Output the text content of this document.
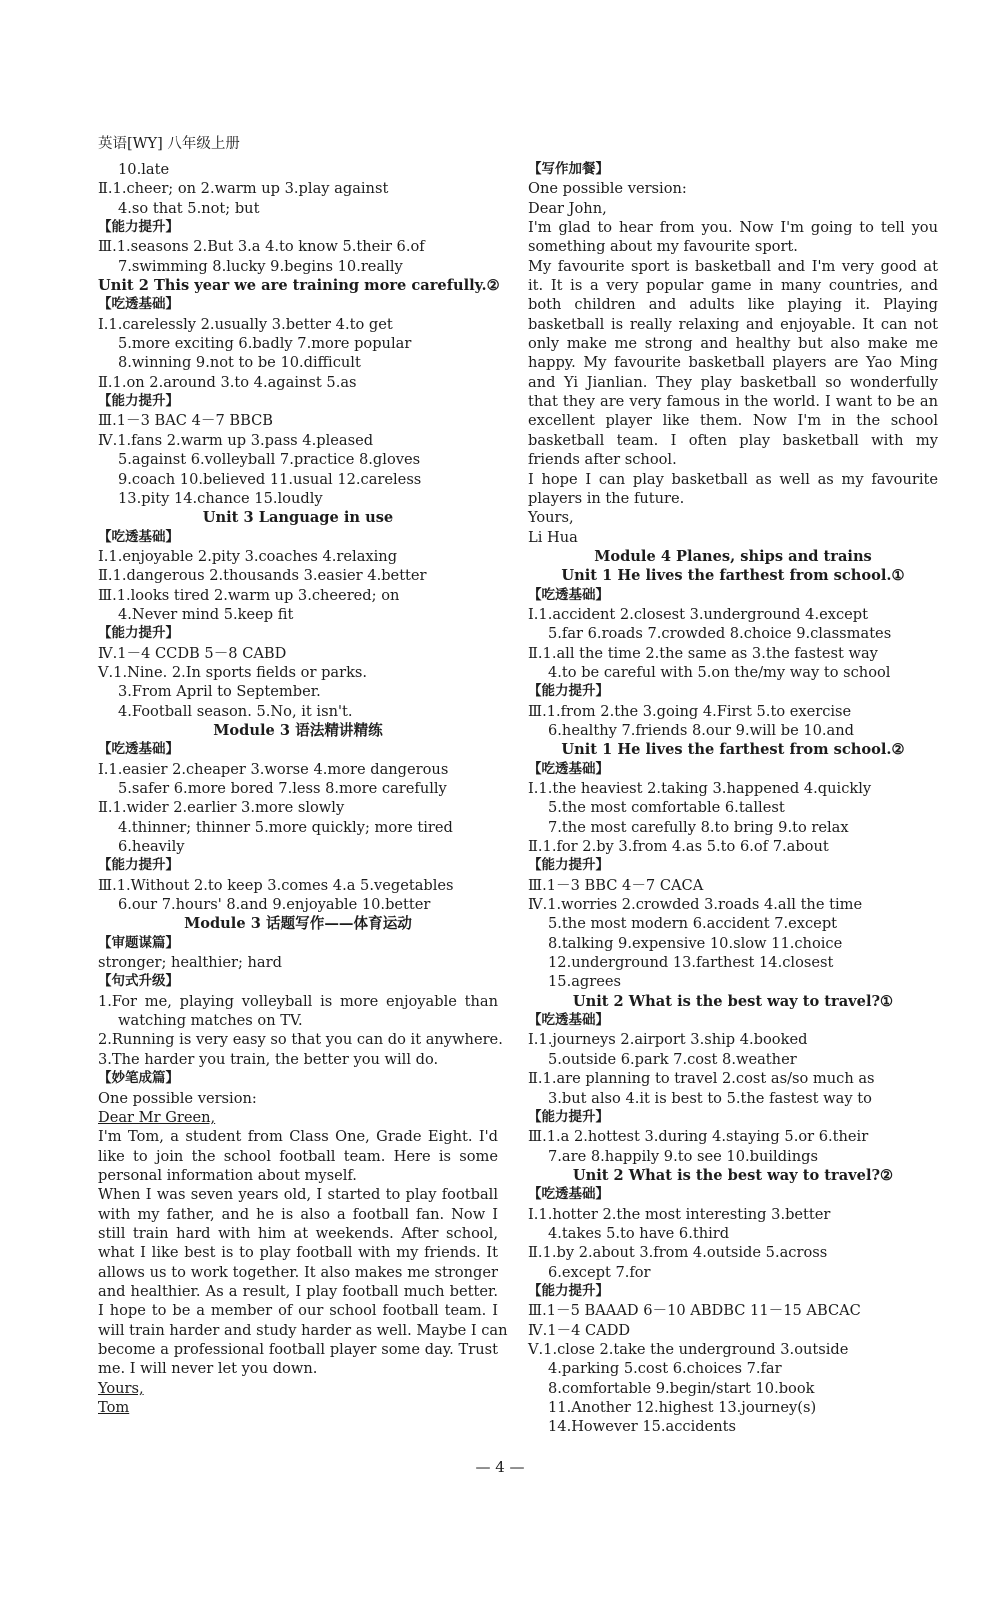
英语[WY] 八年级上册
10.late
Ⅱ.1.cheer; on 2.warm up 3.play against
4.so that 5.not; but
【能力提升】
Ⅲ.1.seasons 2.But 3.a 4.to know 5.their 6.of
7.swimming 8.lucky 9.begins 10.really
Unit 2 This year we are training more carefully.②
【吃透基础】
Ⅰ.1.carelessly 2.usually 3.better 4.to get
5.more exciting 6.badly 7.more popular
8.winning 9.not to be 10.difficult
Ⅱ.1.on 2.around 3.to 4.against 5.as
【能力提升】
Ⅲ.1－3 BAC 4－7 BBCB
Ⅳ.1.fans 2.warm up 3.pass 4.pleased
5.against 6.volleyball 7.practice 8.gloves
9.coach 10.believed 11.usual 12.careless
13.pity 14.chance 15.loudly
Unit 3 Language in use
【吃透基础】
Ⅰ.1.enjoyable 2.pity 3.coaches 4.relaxing
Ⅱ.1.dangerous 2.thousands 3.easier 4.better
Ⅲ.1.looks tired 2.warm up 3.cheered; on
4.Never mind 5.keep fit
【能力提升】
Ⅳ.1－4 CCDB 5－8 CABD
Ⅴ.1.Nine. 2.In sports fields or parks.
3.From April to September.
4.Football season. 5.No, it isn't.
Module 3 语法精讲精练
【吃透基础】
Ⅰ.1.easier 2.cheaper 3.worse 4.more dangerous
5.safer 6.more bored 7.less 8.more carefully
Ⅱ.1.wider 2.earlier 3.more slowly
4.thinner; thinner 5.more quickly; more tired
6.heavily
【能力提升】
Ⅲ.1.Without 2.to keep 3.comes 4.a 5.vegetables
6.our 7.hours' 8.and 9.enjoyable 10.better
Module 3 话题写作——体育运动
【审题谋篇】
stronger; healthier; hard
【句式升级】
1.For me, playing volleyball is more enjoyable than
watching matches on TV.
2.Running is very easy so that you can do it anywhere.
3.The harder you train, the better you will do.
【妙笔成篇】
One possible version:
Dear Mr Green,
I'm Tom, a student from Class One, Grade Eight. I'd
like to join the school football team. Here is some
personal information about myself.
When I was seven years old, I started to play football
with my father, and he is also a football fan. Now I
still train hard with him at weekends. After school,
what I like best is to play football with my friends. It
allows us to work together. It also makes me stronger
and healthier. As a result, I play football much better.
I hope to be a member of our school football team. I
will train harder and study harder as well. Maybe I can
become a professional football player some day. Trust
me. I will never let you down.
Yours,
Tom
【写作加餐】
One possible version:
Dear John,
I'm glad to hear from you. Now I'm going to tell you
something about my favourite sport.
My favourite sport is basketball and I'm very good at
it. It is a very popular game in many countries, and
both children and adults like playing it. Playing
basketball is really relaxing and enjoyable. It can not
only make me strong and healthy but also make me
happy. My favourite basketball players are Yao Ming
and Yi Jianlian. They play basketball so wonderfully
that they are very famous in the world. I want to be an
excellent player like them. Now I'm in the school
basketball team. I often play basketball with my
friends after school.
I hope I can play basketball as well as my favourite
players in the future.
Yours,
Li Hua
Module 4 Planes, ships and trains
Unit 1 He lives the farthest from school.①
【吃透基础】
Ⅰ.1.accident 2.closest 3.underground 4.except
5.far 6.roads 7.crowded 8.choice 9.classmates
Ⅱ.1.all the time 2.the same as 3.the fastest way
4.to be careful with 5.on the/my way to school
【能力提升】
Ⅲ.1.from 2.the 3.going 4.First 5.to exercise
6.healthy 7.friends 8.our 9.will be 10.and
Unit 1 He lives the farthest from school.②
【吃透基础】
Ⅰ.1.the heaviest 2.taking 3.happened 4.quickly
5.the most comfortable 6.tallest
7.the most carefully 8.to bring 9.to relax
Ⅱ.1.for 2.by 3.from 4.as 5.to 6.of 7.about
【能力提升】
Ⅲ.1－3 BBC 4－7 CACA
Ⅳ.1.worries 2.crowded 3.roads 4.all the time
5.the most modern 6.accident 7.except
8.talking 9.expensive 10.slow 11.choice
12.underground 13.farthest 14.closest
15.agrees
Unit 2 What is the best way to travel?①
【吃透基础】
Ⅰ.1.journeys 2.airport 3.ship 4.booked
5.outside 6.park 7.cost 8.weather
Ⅱ.1.are planning to travel 2.cost as/so much as
3.but also 4.it is best to 5.the fastest way to
【能力提升】
Ⅲ.1.a 2.hottest 3.during 4.staying 5.or 6.their
7.are 8.happily 9.to see 10.buildings
Unit 2 What is the best way to travel?②
【吃透基础】
Ⅰ.1.hotter 2.the most interesting 3.better
4.takes 5.to have 6.third
Ⅱ.1.by 2.about 3.from 4.outside 5.across
6.except 7.for
【能力提升】
Ⅲ.1－5 BAAAD 6－10 ABDBC 11－15 ABCAC
Ⅳ.1－4 CADD
Ⅴ.1.close 2.take the underground 3.outside
4.parking 5.cost 6.choices 7.far
8.comfortable 9.begin/start 10.book
11.Another 12.highest 13.journey(s)
14.However 15.accidents
— 4 —
